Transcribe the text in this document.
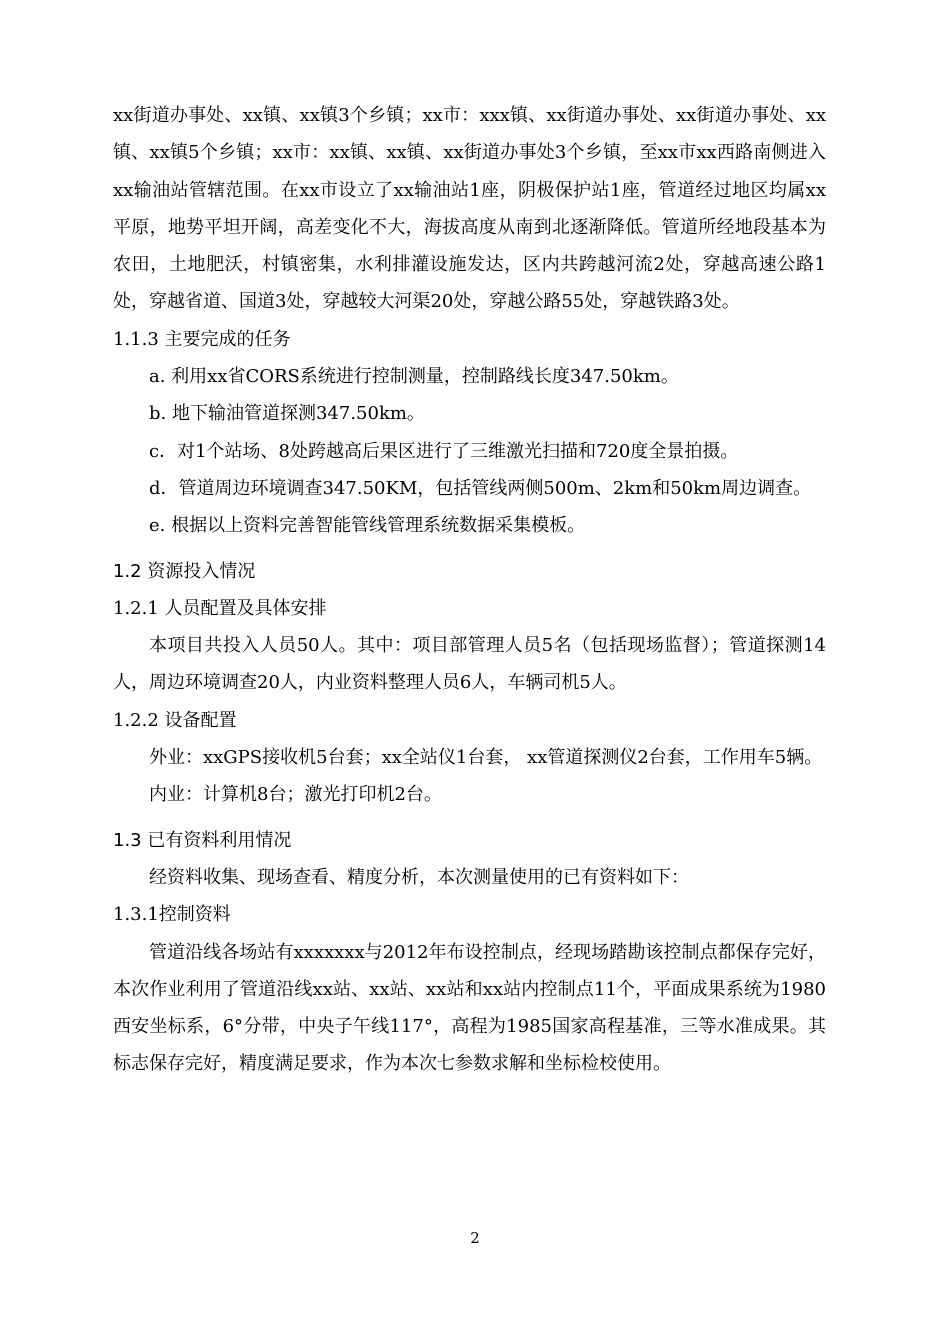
xx街道办事处、xx镇、xx镇3个乡镇；xx市：xxx镇、xx街道办事处、xx街道办事处、xx镇、xx镇5个乡镇；xx市：xx镇、xx镇、xx街道办事处3个乡镇，至xx市xx西路南侧进入xx输油站管辖范围。在xx市设立了xx输油站1座，阴极保护站1座，管道经过地区均属xx平原，地势平坦开阔，高差变化不大，海拔高度从南到北逐渐降低。管道所经地段基本为农田，土地肥沃，村镇密集，水利排灌设施发达，区内共跨越河流2处，穿越高速公路1处，穿越省道、国道3处，穿越较大河渠20处，穿越公路55处，穿越铁路3处。

1.1.3 主要完成的任务

a. 利用xx省CORS系统进行控制测量，控制路线长度347.50km。

b. 地下输油管道探测347.50km。

c．对1个站场、8处跨越高后果区进行了三维激光扫描和720度全景拍摄。

d．管道周边环境调查347.50KM，包括管线两侧500m、2km和50km周边调查。

e. 根据以上资料完善智能管线管理系统数据采集模板。

1.2 资源投入情况

1.2.1 人员配置及具体安排

本项目共投入人员50人。其中：项目部管理人员5名（包括现场监督）；管道探测14人，周边环境调查20人，内业资料整理人员6人，车辆司机5人。

1.2.2 设备配置

外业：xxGPS接收机5台套；xx全站仪1台套， xx管道探测仪2台套，工作用车5辆。

内业：计算机8台；激光打印机2台。

1.3 已有资料利用情况

经资料收集、现场查看、精度分析，本次测量使用的已有资料如下：

1.3.1控制资料

管道沿线各场站有xxxxxxx与2012年布设控制点，经现场踏勘该控制点都保存完好，本次作业利用了管道沿线xx站、xx站、xx站和xx站内控制点11个，平面成果系统为1980西安坐标系，6°分带，中央子午线117°，高程为1985国家高程基准，三等水准成果。其标志保存完好，精度满足要求，作为本次七参数求解和坐标检校使用。

2
